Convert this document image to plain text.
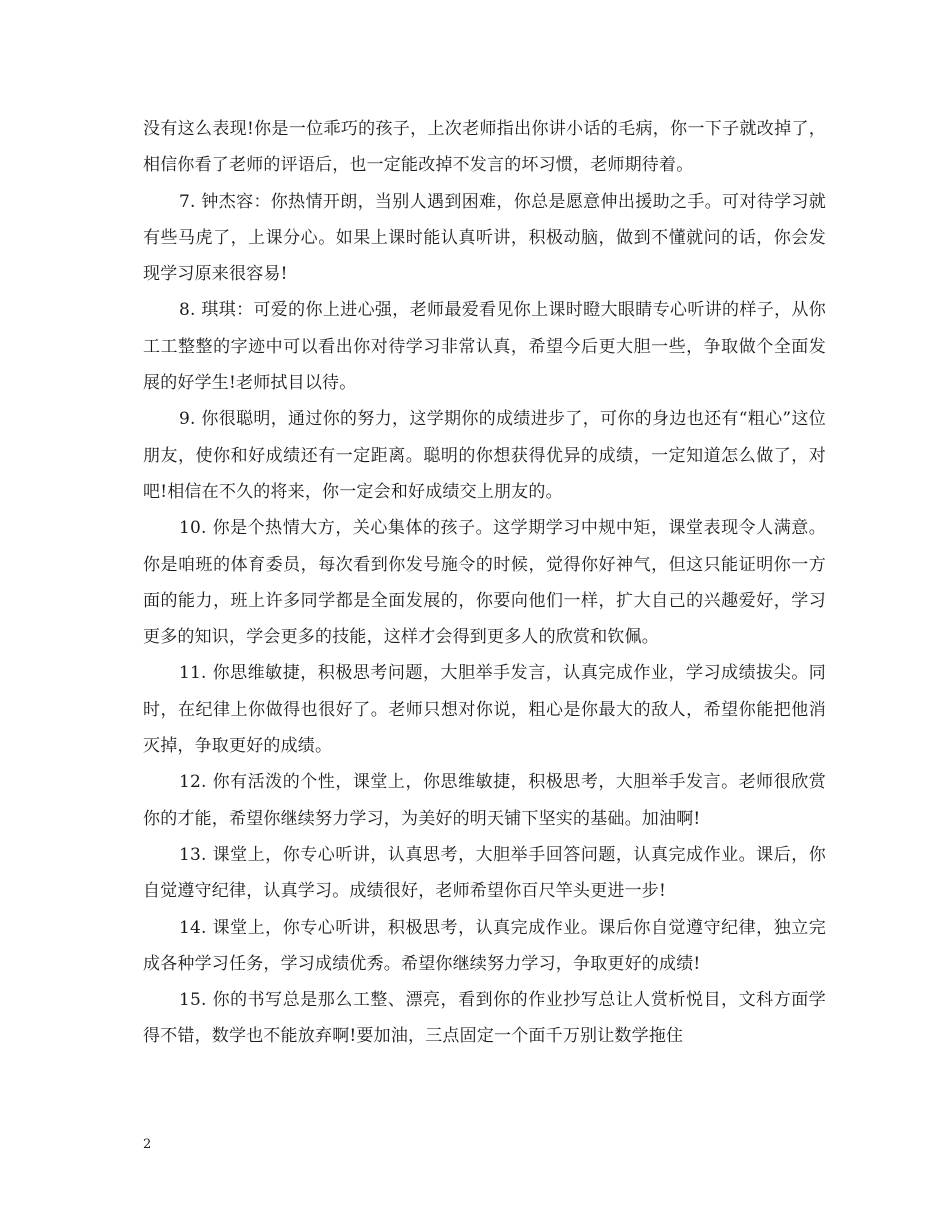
没有这么表现!你是一位乖巧的孩子，上次老师指出你讲小话的毛病，你一下子就改掉了，相信你看了老师的评语后，也一定能改掉不发言的坏习惯，老师期待着。

7. 钟杰容：你热情开朗，当别人遇到困难，你总是愿意伸出援助之手。可对待学习就有些马虎了，上课分心。如果上课时能认真听讲，积极动脑，做到不懂就问的话，你会发现学习原来很容易!

8. 琪琪：可爱的你上进心强，老师最爱看见你上课时瞪大眼睛专心听讲的样子，从你工工整整的字迹中可以看出你对待学习非常认真，希望今后更大胆一些，争取做个全面发展的好学生!老师拭目以待。

9. 你很聪明，通过你的努力，这学期你的成绩进步了，可你的身边也还有“粗心”这位朋友，使你和好成绩还有一定距离。聪明的你想获得优异的成绩，一定知道怎么做了，对吧!相信在不久的将来，你一定会和好成绩交上朋友的。

10. 你是个热情大方，关心集体的孩子。这学期学习中规中矩，课堂表现令人满意。你是咱班的体育委员，每次看到你发号施令的时候，觉得你好神气，但这只能证明你一方面的能力，班上许多同学都是全面发展的，你要向他们一样，扩大自己的兴趣爱好，学习更多的知识，学会更多的技能，这样才会得到更多人的欣赏和钦佩。

11. 你思维敏捷，积极思考问题，大胆举手发言，认真完成作业，学习成绩拔尖。同时，在纪律上你做得也很好了。老师只想对你说，粗心是你最大的敌人，希望你能把他消灭掉，争取更好的成绩。

12. 你有活泼的个性，课堂上，你思维敏捷，积极思考，大胆举手发言。老师很欣赏你的才能，希望你继续努力学习，为美好的明天铺下坚实的基础。加油啊!

13. 课堂上，你专心听讲，认真思考，大胆举手回答问题，认真完成作业。课后，你自觉遵守纪律，认真学习。成绩很好，老师希望你百尺竿头更进一步!

14. 课堂上，你专心听讲，积极思考，认真完成作业。课后你自觉遵守纪律，独立完成各种学习任务，学习成绩优秀。希望你继续努力学习，争取更好的成绩!

15. 你的书写总是那么工整、漂亮，看到你的作业抄写总让人赏析悦目，文科方面学得不错，数学也不能放弃啊!要加油，三点固定一个面千万别让数学拖住

2
